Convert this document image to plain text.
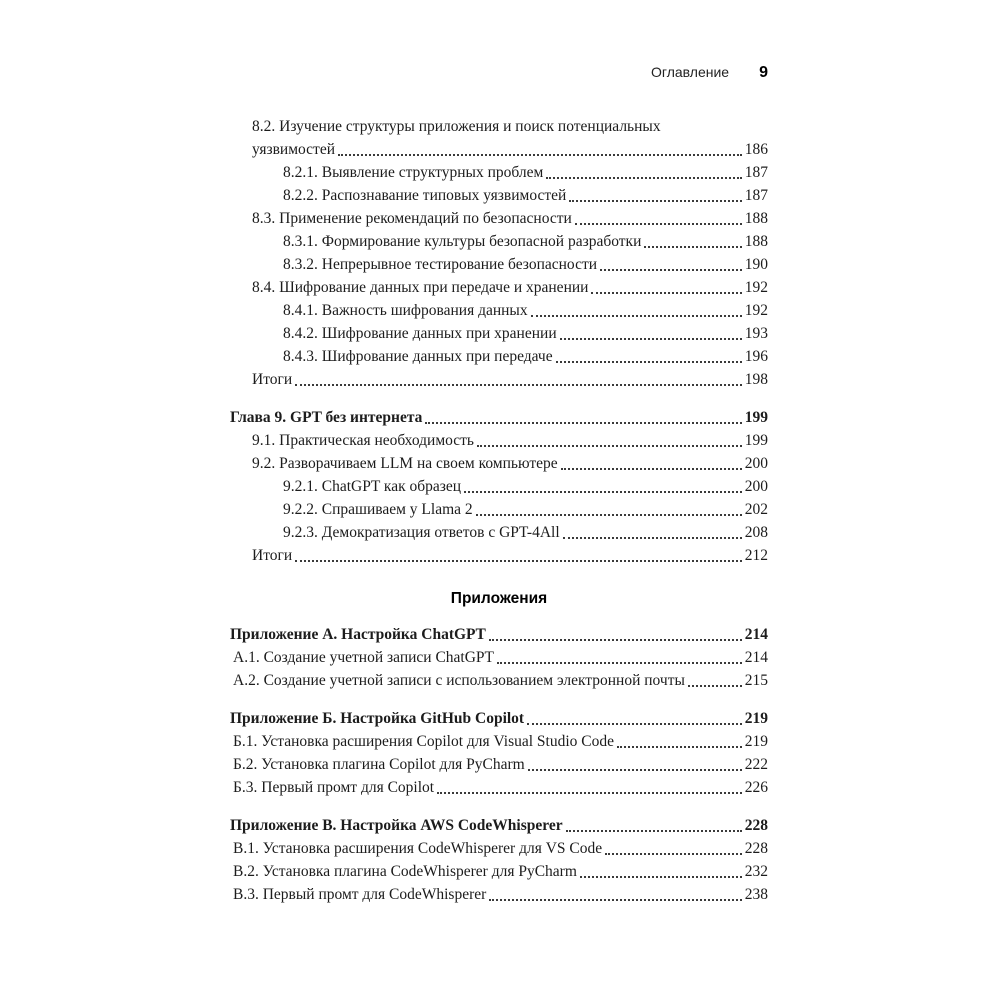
Оглавление 9
8.2. Изучение структуры приложения и поиск потенциальных
уязвимостей	186
8.2.1. Выявление структурных проблем	187
8.2.2. Распознавание типовых уязвимостей	187
8.3. Применение рекомендаций по безопасности	188
8.3.1. Формирование культуры безопасной разработки	188
8.3.2. Непрерывное тестирование безопасности	190
8.4. Шифрование данных при передаче и хранении	192
8.4.1. Важность шифрования данных	192
8.4.2. Шифрование данных при хранении	193
8.4.3. Шифрование данных при передаче	196
Итоги	198
Глава 9. GPT без интернета	199
9.1. Практическая необходимость	199
9.2. Разворачиваем LLM на своем компьютере	200
9.2.1. ChatGPT как образец	200
9.2.2. Спрашиваем у Llama 2	202
9.2.3. Демократизация ответов с GPT-4All	208
Итоги	212
Приложения
Приложение А. Настройка ChatGPT	214
А.1. Создание учетной записи ChatGPT	214
А.2. Создание учетной записи с использованием электронной почты	215
Приложение Б. Настройка GitHub Copilot	219
Б.1. Установка расширения Copilot для Visual Studio Code	219
Б.2. Установка плагина Copilot для PyCharm	222
Б.3. Первый промт для Copilot	226
Приложение В. Настройка AWS CodeWhisperer	228
В.1. Установка расширения CodeWhisperer для VS Code	228
В.2. Установка плагина CodeWhisperer для PyCharm	232
В.3. Первый промт для CodeWhisperer	238
